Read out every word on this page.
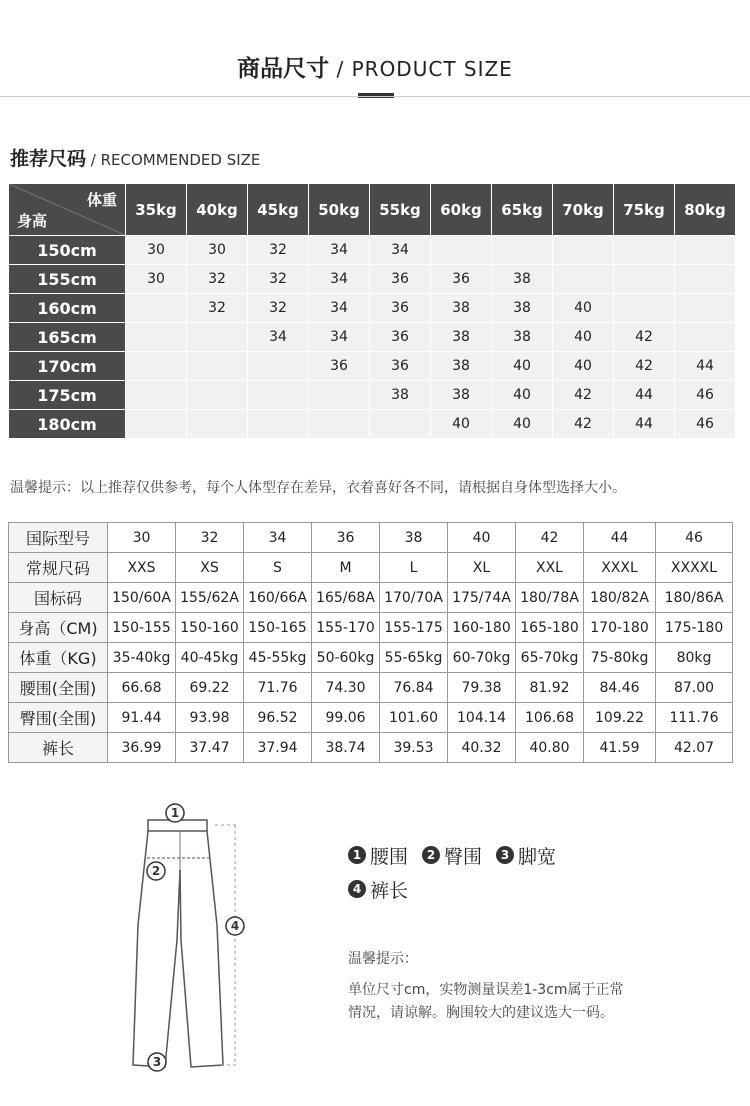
商品尺寸 / PRODUCT SIZE
推荐尺码 / RECOMMENDED SIZE
体重
身高	35kg	40kg	45kg	50kg	55kg	60kg	65kg	70kg	75kg	80kg
150cm	30	30	32	34	34					
155cm	30	32	32	34	36	36	38			
160cm		32	32	34	36	38	38	40		
165cm			34	34	36	38	38	40	42	
170cm				36	36	38	40	40	42	44
175cm					38	38	40	42	44	46
180cm						40	40	42	44	46
温馨提示：以上推荐仅供参考，每个人体型存在差异，衣着喜好各不同，请根据自身体型选择大小。
国际型号	30	32	34	36	38	40	42	44	46
常规尺码	XXS	XS	S	M	L	XL	XXL	XXXL	XXXXL
国标码	150/60A	155/62A	160/66A	165/68A	170/70A	175/74A	180/78A	180/82A	180/86A
身高（CM)	150-155	150-160	150-165	155-170	155-175	160-180	165-180	170-180	175-180
体重（KG)	35-40kg	40-45kg	45-55kg	50-60kg	55-65kg	60-70kg	65-70kg	75-80kg	80kg
腰围(全围)	66.68	69.22	71.76	74.30	76.84	79.38	81.92	84.46	87.00
臀围(全围)	91.44	93.98	96.52	99.06	101.60	104.14	106.68	109.22	111.76
裤长	36.99	37.47	37.94	38.74	39.53	40.32	40.80	41.59	42.07
1
2
3
4
1 腰围	2 臀围	3 脚宽
4 裤长
温馨提示：
单位尺寸cm，实物测量误差1-3cm属于正常
情况，请谅解。胸围较大的建议选大一码。
